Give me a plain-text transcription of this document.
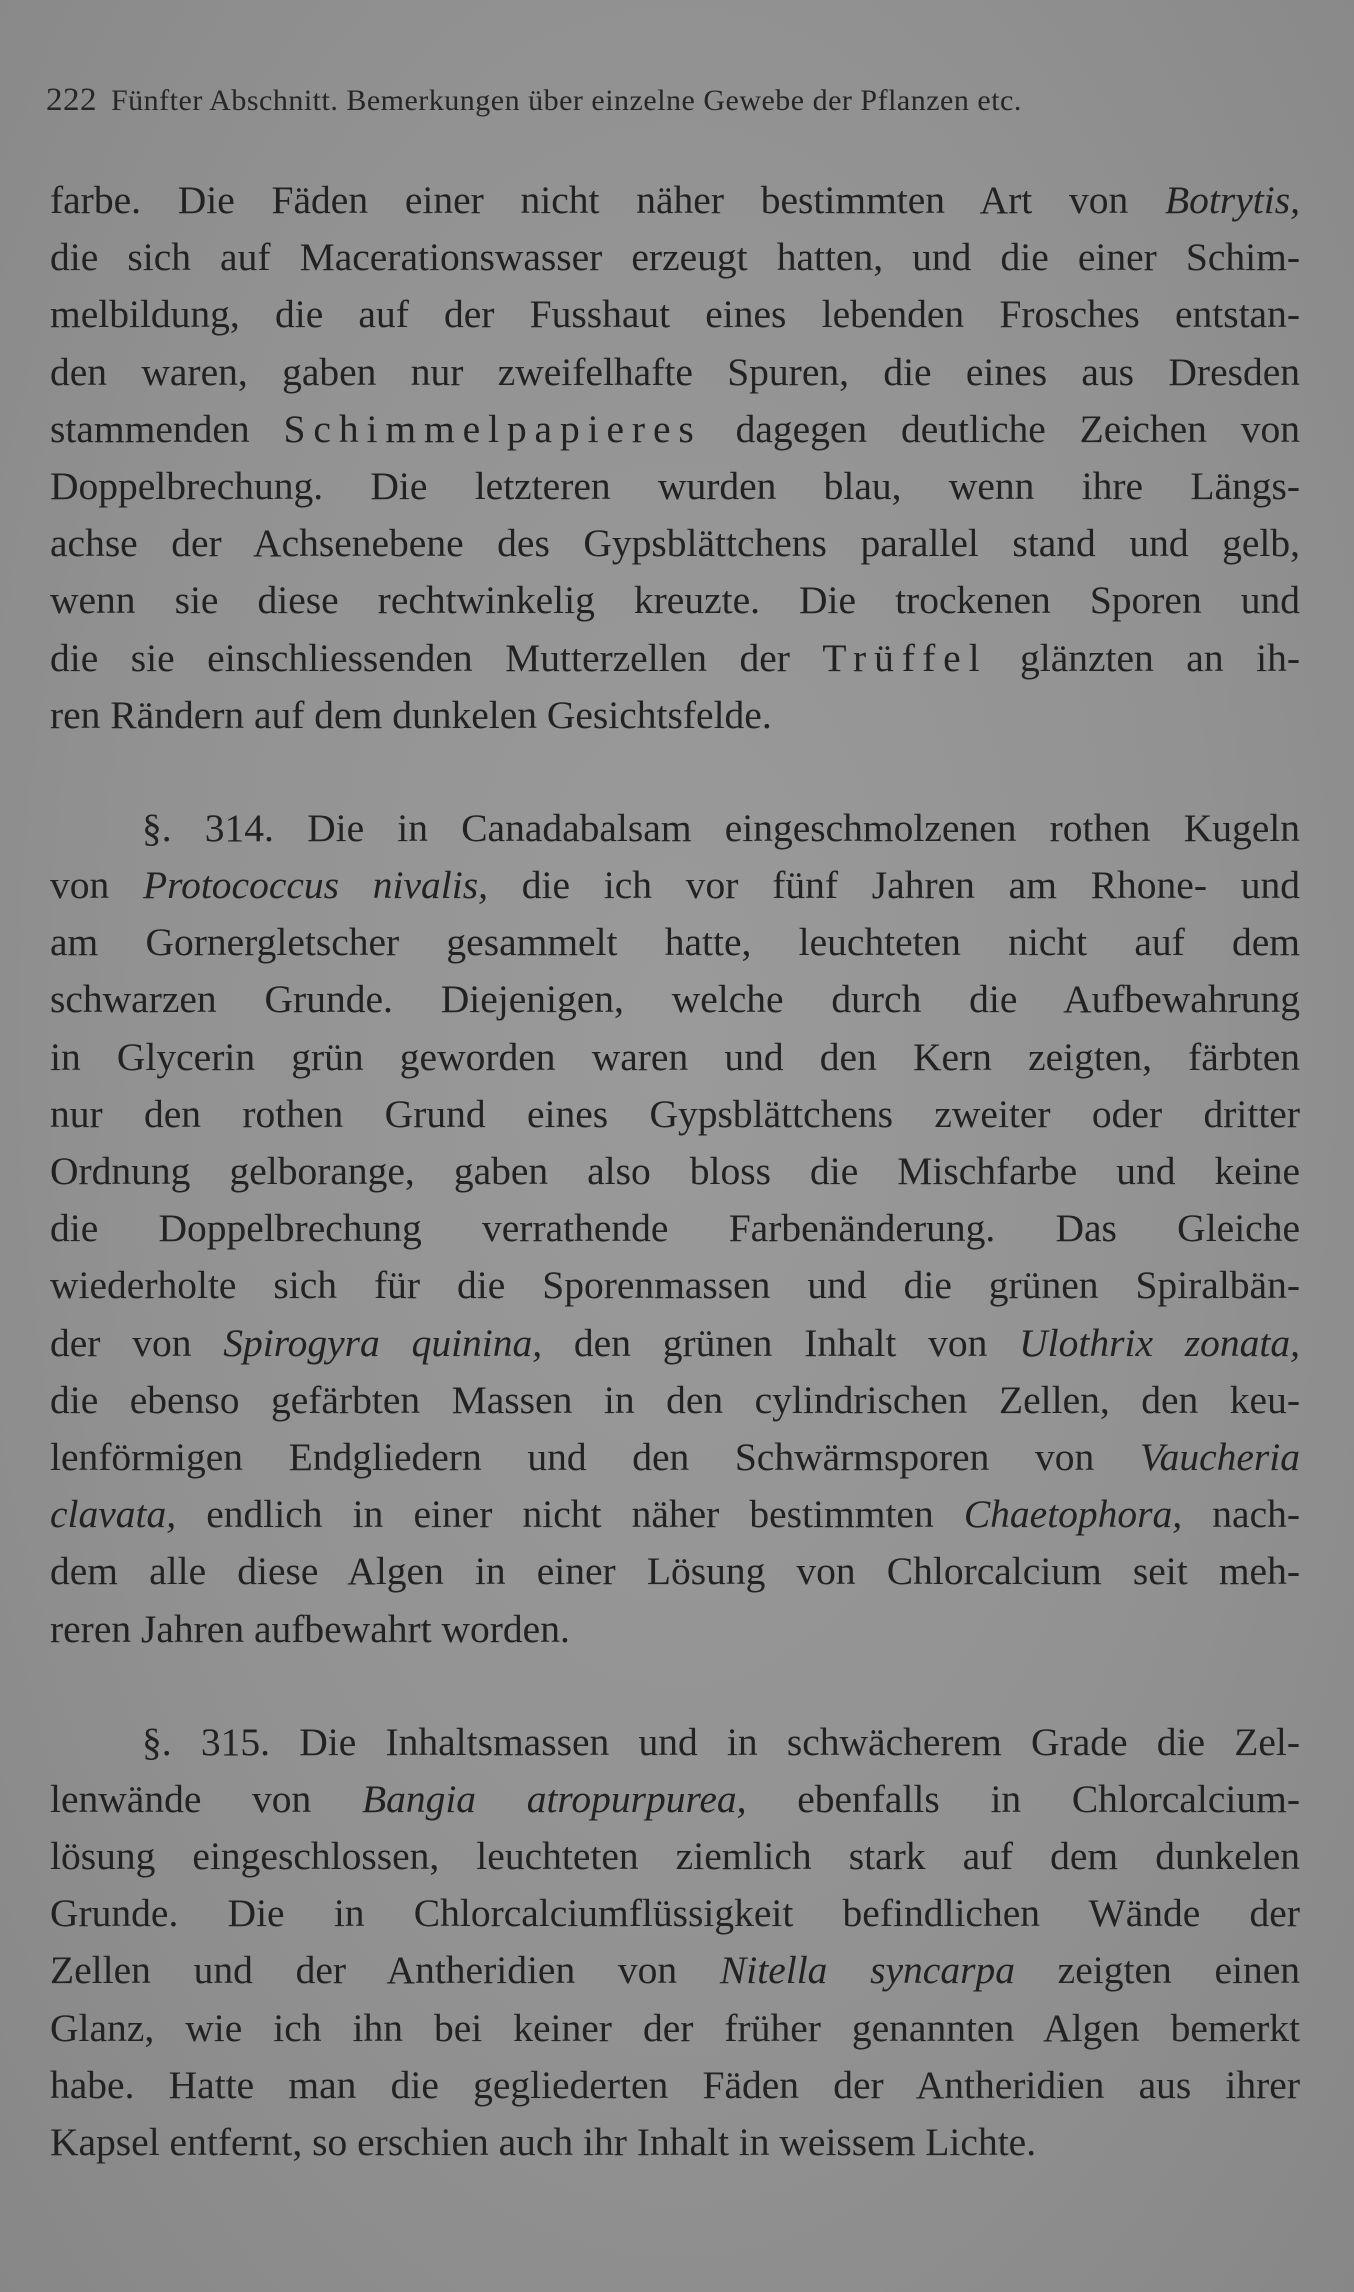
222 Fünfter Abschnitt. Bemerkungen über einzelne Gewebe der Pflanzen etc.
farbe. Die Fäden einer nicht näher bestimmten Art von Botrytis,
die sich auf Macerationswasser erzeugt hatten, und die einer Schim-
melbildung, die auf der Fusshaut eines lebenden Frosches entstan-
den waren, gaben nur zweifelhafte Spuren, die eines aus Dresden
stammenden Schimmelpapieres dagegen deutliche Zeichen von
Doppelbrechung. Die letzteren wurden blau, wenn ihre Längs-
achse der Achsenebene des Gypsblättchens parallel stand und gelb,
wenn sie diese rechtwinkelig kreuzte. Die trockenen Sporen und
die sie einschliessenden Mutterzellen der Trüffel glänzten an ih-
ren Rändern auf dem dunkelen Gesichtsfelde.
§. 314. Die in Canadabalsam eingeschmolzenen rothen Kugeln
von Protococcus nivalis, die ich vor fünf Jahren am Rhone- und
am Gornergletscher gesammelt hatte, leuchteten nicht auf dem
schwarzen Grunde. Diejenigen, welche durch die Aufbewahrung
in Glycerin grün geworden waren und den Kern zeigten, färbten
nur den rothen Grund eines Gypsblättchens zweiter oder dritter
Ordnung gelborange, gaben also bloss die Mischfarbe und keine
die Doppelbrechung verrathende Farbenänderung. Das Gleiche
wiederholte sich für die Sporenmassen und die grünen Spiralbän-
der von Spirogyra quinina, den grünen Inhalt von Ulothrix zonata,
die ebenso gefärbten Massen in den cylindrischen Zellen, den keu-
lenförmigen Endgliedern und den Schwärmsporen von Vaucheria
clavata, endlich in einer nicht näher bestimmten Chaetophora, nach-
dem alle diese Algen in einer Lösung von Chlorcalcium seit meh-
reren Jahren aufbewahrt worden.
§. 315. Die Inhaltsmassen und in schwächerem Grade die Zel-
lenwände von Bangia atropurpurea, ebenfalls in Chlorcalcium-
lösung eingeschlossen, leuchteten ziemlich stark auf dem dunkelen
Grunde. Die in Chlorcalciumflüssigkeit befindlichen Wände der
Zellen und der Antheridien von Nitella syncarpa zeigten einen
Glanz, wie ich ihn bei keiner der früher genannten Algen bemerkt
habe. Hatte man die gegliederten Fäden der Antheridien aus ihrer
Kapsel entfernt, so erschien auch ihr Inhalt in weissem Lichte.
